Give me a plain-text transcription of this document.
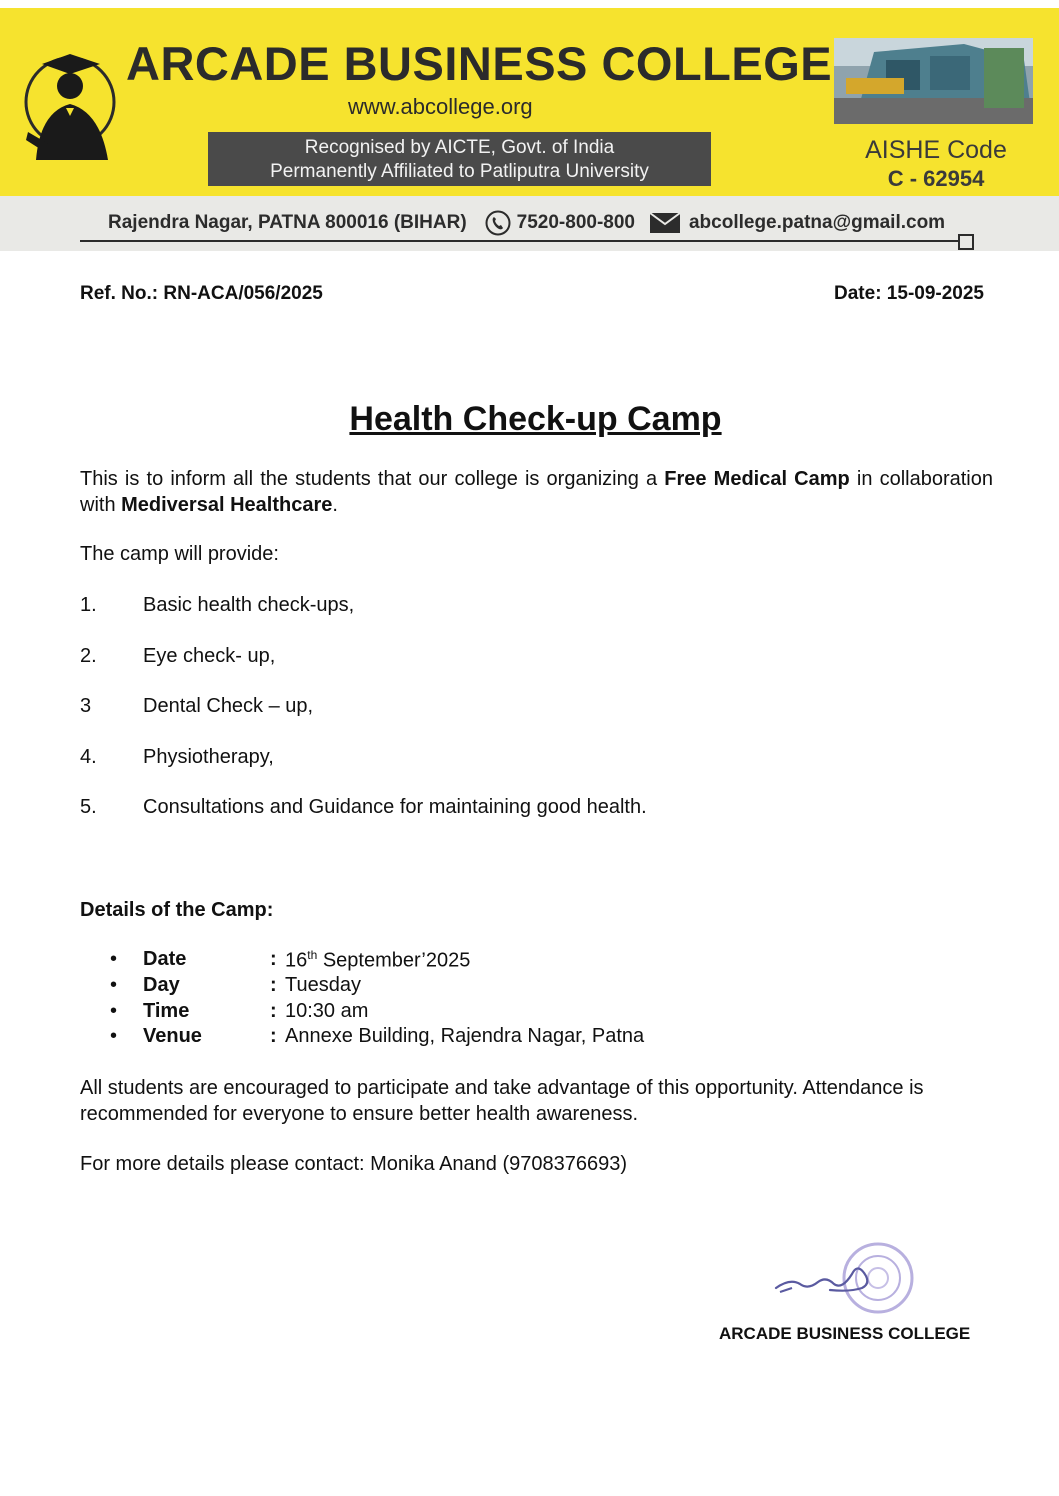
ARCADE BUSINESS COLLEGE
www.abcollege.org
Recognised by AICTE, Govt. of India
Permanently Affiliated to Patliputra University
AISHE Code
C - 62954
Rajendra Nagar, PATNA 800016 (BIHAR)	7520-800-800	abcollege.patna@gmail.com
Ref. No.: RN-ACA/056/2025	Date: 15-09-2025
Health Check-up Camp
This is to inform all the students that our college is organizing a Free Medical Camp in collaboration with Mediversal Healthcare.
The camp will provide:
1. Basic health check-ups,
2. Eye check- up,
3	Dental Check – up,
4. Physiotherapy,
5. Consultations and Guidance for maintaining good health.
Details of the Camp:
• Date	: 16th September’2025
• Day	: Tuesday
• Time	: 10:30 am
• Venue	: Annexe Building, Rajendra Nagar, Patna
All students are encouraged to participate and take advantage of this opportunity. Attendance is recommended for everyone to ensure better health awareness.
For more details please contact: Monika Anand (9708376693)
ARCADE BUSINESS COLLEGE
